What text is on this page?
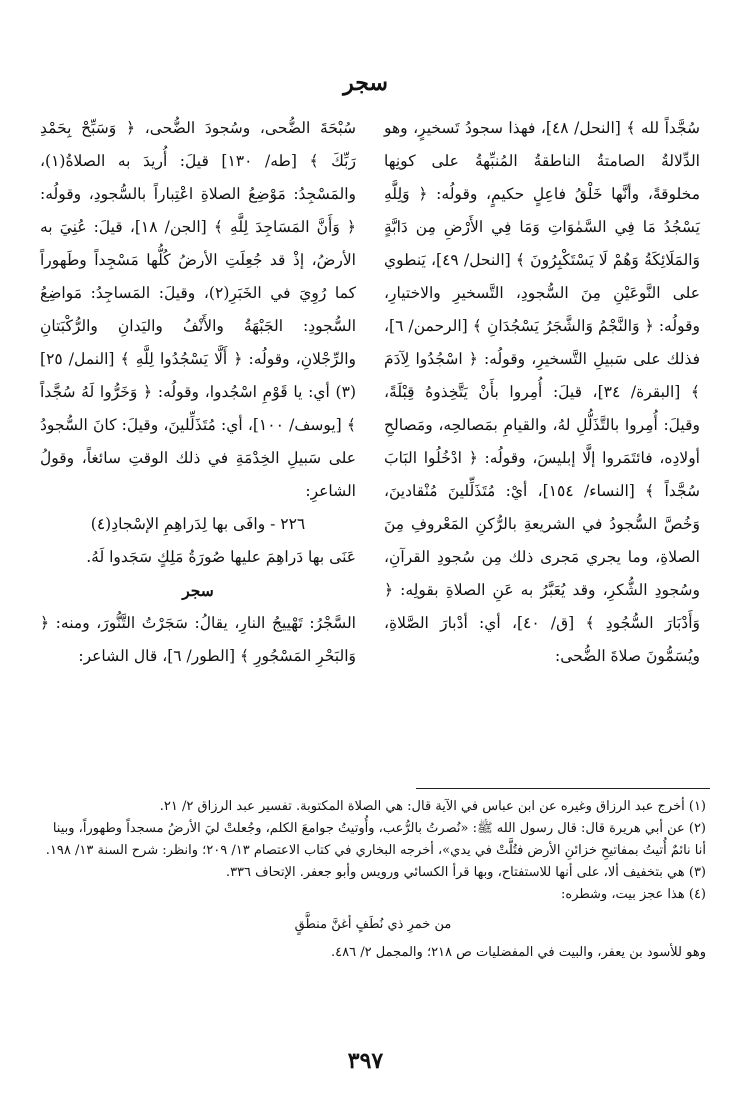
سجر

سُجَّداً لله ﴾ [النحل/ ٤٨]، فهذا سجودُ تَسخيرٍ، وهو الدِّلالةُ الصامتةُ الناطقةُ المُنبِّهةُ على كونِها مخلوقةً، وأنَّها خَلْقُ فاعِلٍ حكيمٍ، وقولُه: ﴿ وَلِلَّهِ يَسْجُدُ مَا فِي السَّمٰوَاتِ وَمَا فِي الأَرْضِ مِن دَابَّةٍ وَالمَلَائِكَةُ وَهُمْ لَا يَسْتَكْبِرُونَ ﴾ [النحل/ ٤٩]، يَنطوي على النَّوعَيْنِ مِنَ السُّجودِ، التَّسخيرِ والاختيارِ، وقولُه: ﴿ وَالنَّجْمُ وَالشَّجَرُ يَسْجُدَانِ ﴾ [الرحمن/ ٦]، فذلك على سَبيلِ التَّسخيرِ، وقولُه: ﴿ اسْجُدُوا لِآدَمَ ﴾ [البقرة/ ٣٤]، قيلَ: أُمِروا بأَنْ يَتَّخِذوهُ قِبْلَةً، وقيلَ: أُمِروا بالتَّذَلُّلِ لهُ، والقيامِ بمَصالحِه، ومَصالحِ أولادِه، فائتَمَروا إلَّا إبليسَ، وقولُه: ﴿ ادْخُلُوا البَابَ سُجَّداً ﴾ [النساء/ ١٥٤]، أيْ: مُتَذَلِّلينَ مُنْقادينَ، وَخُصَّ السُّجودُ في الشريعةِ بالرُّكنِ المَعْروفِ مِنَ الصلاةِ، وما يجري مَجرى ذلك مِن سُجودِ القرآنِ، وسُجودِ الشُّكرِ، وقد يُعَبَّرُ به عَنِ الصلاةِ بقولِه: ﴿ وَأَدْبَارَ السُّجُودِ ﴾ [ق/ ٤٠]، أي: أدْبارَ الصَّلاةِ، ويُسَمُّونَ صلاةَ الضُّحى:

سُبْحَةَ الضُّحى، وسُجودَ الضُّحى، ﴿ وَسَبِّحْ بِحَمْدِ رَبِّكَ ﴾ [طه/ ١٣٠] قيلَ: أُريدَ به الصلاةُ(١)، والمَسْجِدُ: مَوْضِعُ الصلاةِ اعْتِباراً بالسُّجودِ، وقولُه: ﴿ وَأَنَّ المَسَاجِدَ لِلَّهِ ﴾ [الجن/ ١٨]، قيلَ: عُنِيَ به الأرضُ، إذْ قد جُعِلَتِ الأرضُ كُلُّها مَسْجِداً وطَهوراً كما رُوِيَ في الخَبَرِ(٢)، وقيلَ: المَساجِدُ: مَواضِعُ السُّجودِ: الجَبْهَةُ والأَنْفُ واليَدانِ والرُّكْبَتانِ والرِّجْلانِ، وقولُه: ﴿ أَلَّا يَسْجُدُوا لِلَّهِ ﴾ [النمل/ ٢٥](٣) أي: يا قَوْمِ اسْجُدوا، وقولُه: ﴿ وَخَرُّوا لَهُ سُجَّداً ﴾ [يوسف/ ١٠٠]، أي: مُتَذَلِّلينَ، وقيلَ: كانَ السُّجودُ على سَبيلِ الخِدْمَةِ في ذلك الوقتِ سائغاً، وقولُ الشاعرِ:

٢٢٦ - وافَى بها لِدَراهِمِ الإسْجادِ(٤)

عَنَى بها دَراهِمَ عليها صُورَةُ مَلِكٍ سَجَدوا لَهُ.

سجر

السَّجْرُ: تَهْييجُ النارِ، يقالُ: سَجَرْتُ التَّنُّورَ، ومنه: ﴿ وَالبَحْرِ المَسْجُورِ ﴾ [الطور/ ٦]، قال الشاعر:

(١) أخرج عبد الرزاق وغيره عن ابن عباس في الآية قال: هي الصلاة المكتوبة. تفسير عبد الرزاق ٢/ ٢١.

(٢) عن أبي هريرة قال: قال رسول الله ﷺ: «نُصرتُ بالرُّعب، وأُوتيتُ جوامعَ الكلم، وجُعلتْ ليَ الأرضُ مسجداً وطهوراً، وبينا أنا نائمٌ أُتيتُ بمفاتيحِ خزائنِ الأرض فتُلَّتْ في يدي»، أخرجه البخاري في كتاب الاعتصام ١٣/ ٢٠٩؛ وانظر: شرح السنة ١٣/ ١٩٨.

(٣) هي بتخفيف ألا، على أنها للاستفتاح، وبها قرأ الكسائي ورويس وأبو جعفر. الإتحاف ٣٣٦.

(٤) هذا عجز بيت، وشطره:

من خمرِ ذي نُطَفٍ أغنَّ منطَّقٍ

وهو للأسود بن يعفر، والبيت في المفضليات ص ٢١٨؛ والمجمل ٢/ ٤٨٦.

٣٩٧
